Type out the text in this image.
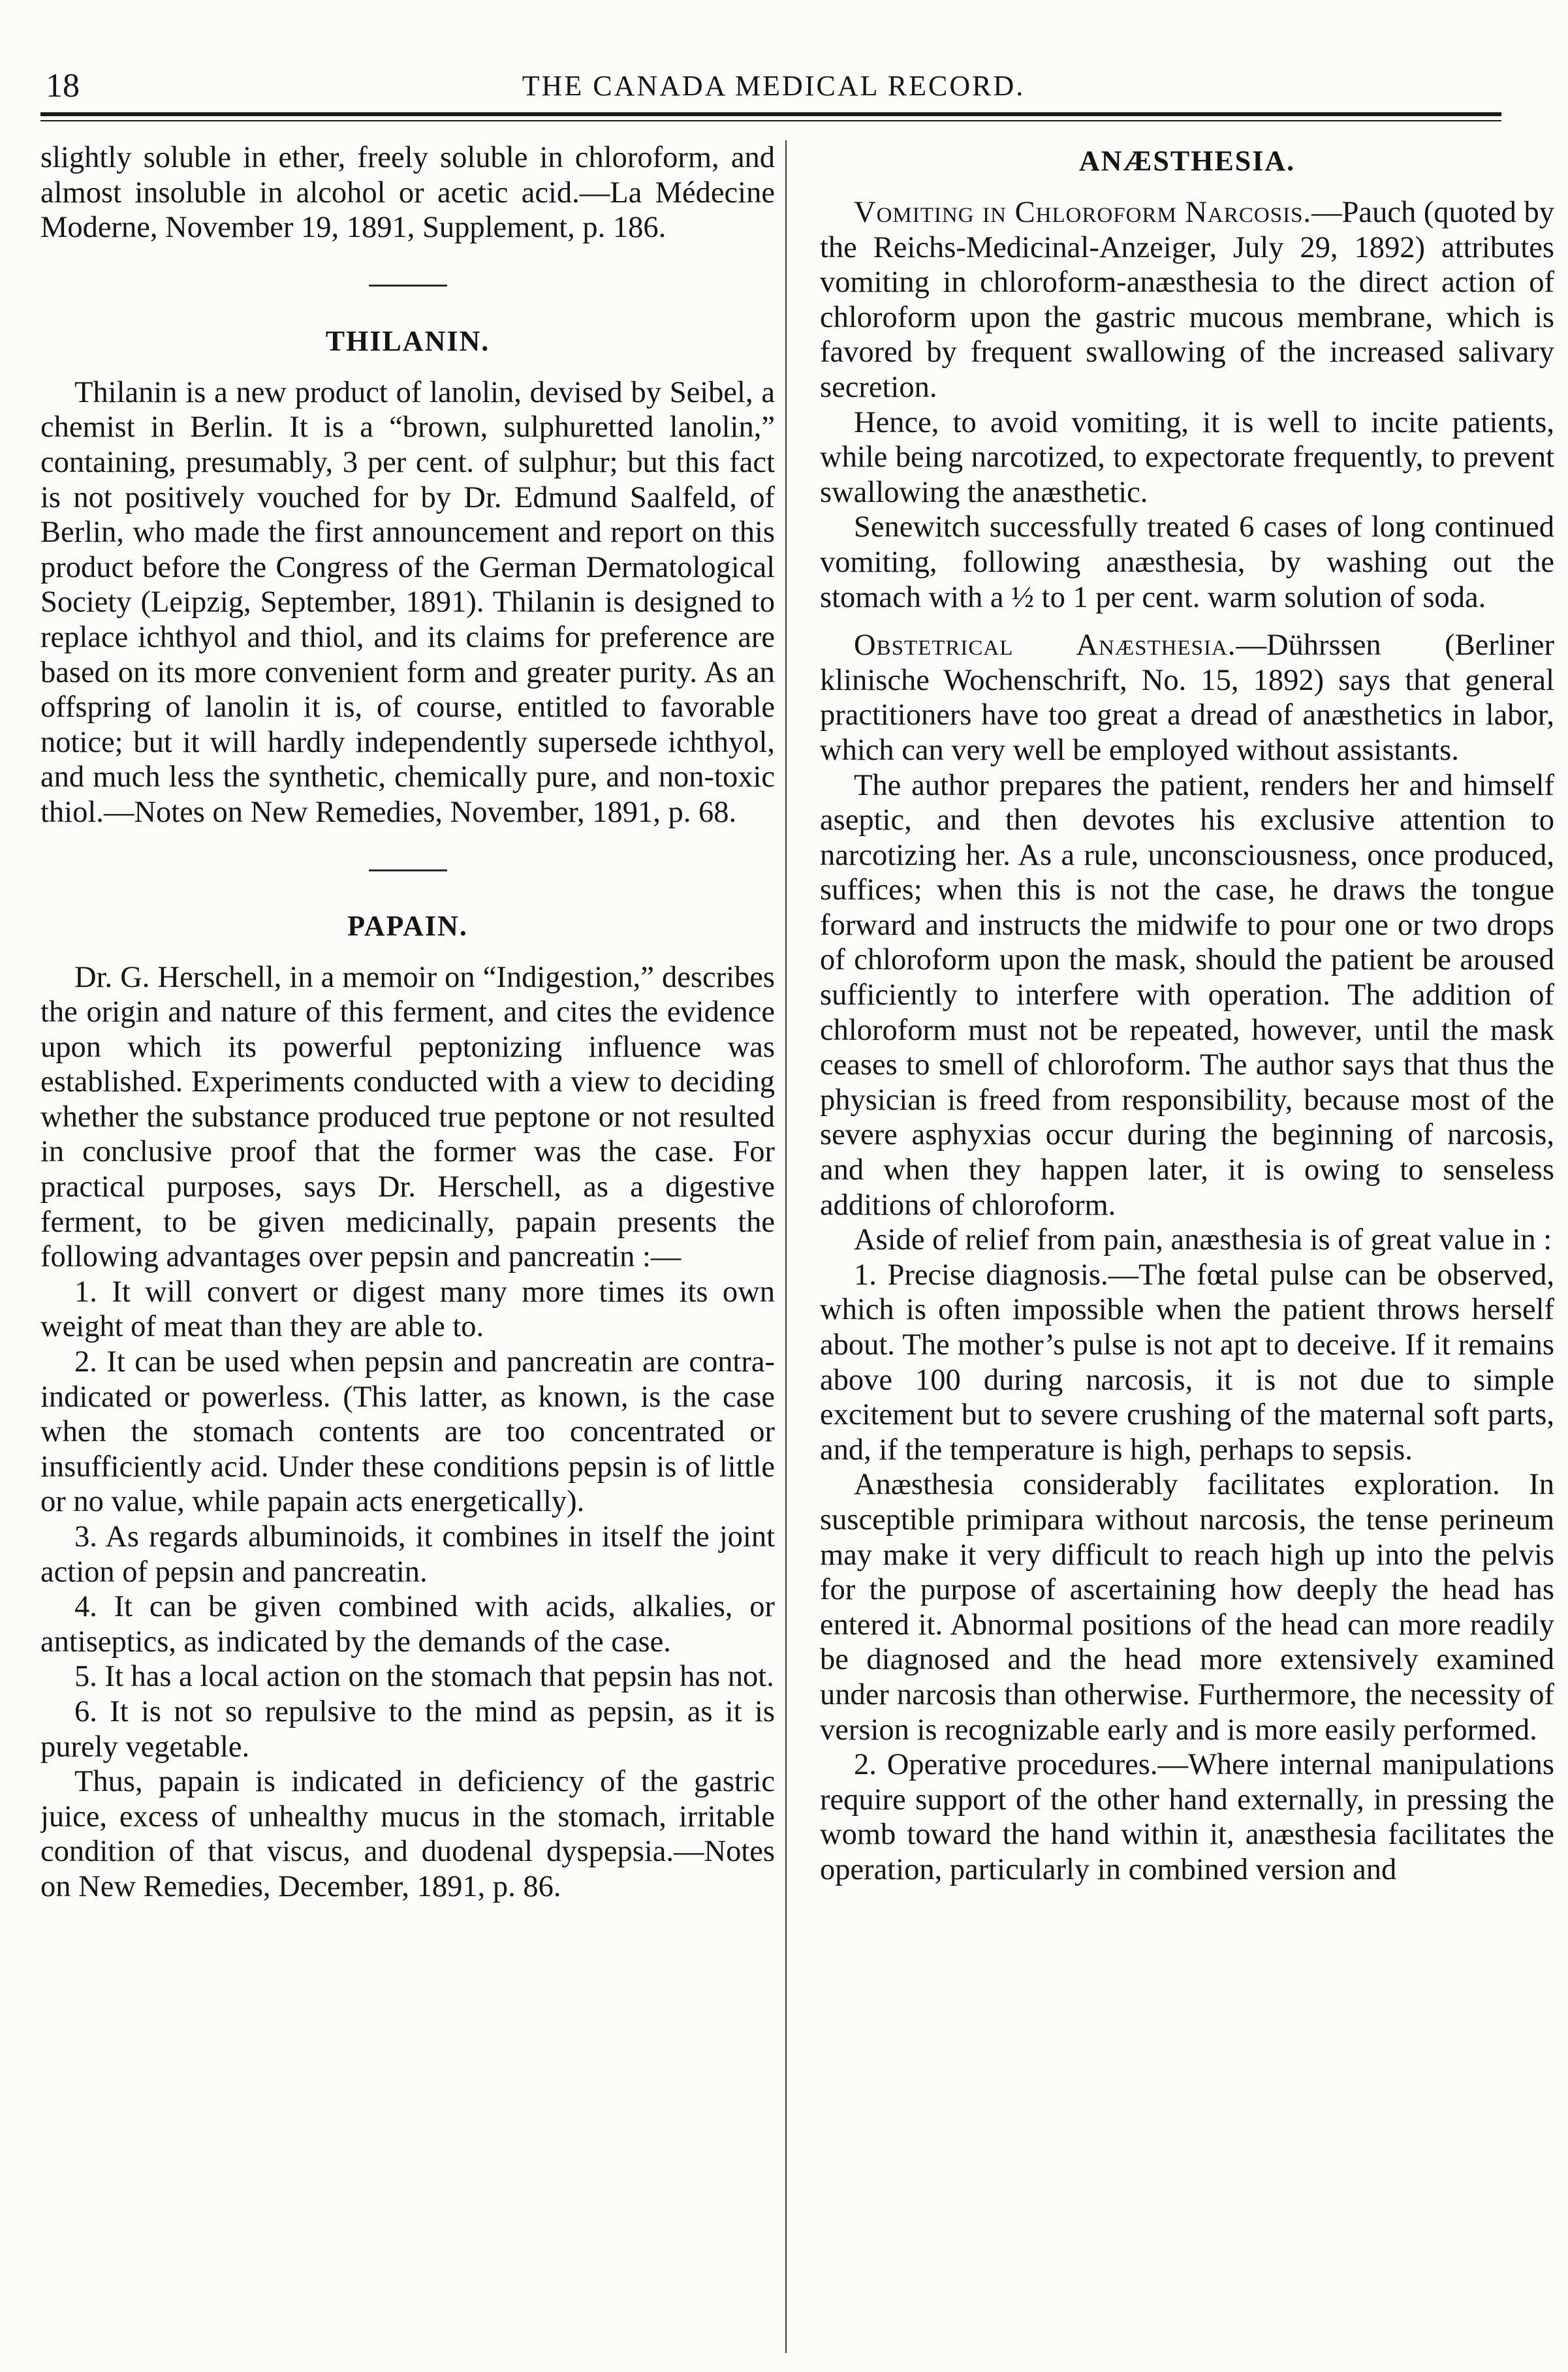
18	THE CANADA MEDICAL RECORD.

slightly soluble in ether, freely soluble in chloroform, and almost insoluble in alcohol or acetic acid.—La Médecine Moderne, November 19, 1891, Supplement, p. 186.

THILANIN.

Thilanin is a new product of lanolin, devised by Seibel, a chemist in Berlin. It is a “brown, sulphuretted lanolin,” containing, presumably, 3 per cent. of sulphur; but this fact is not positively vouched for by Dr. Edmund Saalfeld, of Berlin, who made the first announcement and report on this product before the Congress of the German Dermatological Society (Leipzig, September, 1891). Thilanin is designed to replace ichthyol and thiol, and its claims for preference are based on its more convenient form and greater purity. As an offspring of lanolin it is, of course, entitled to favorable notice; but it will hardly independently supersede ichthyol, and much less the synthetic, chemically pure, and non-toxic thiol.—Notes on New Remedies, November, 1891, p. 68.

PAPAIN.

Dr. G. Herschell, in a memoir on “Indigestion,” describes the origin and nature of this ferment, and cites the evidence upon which its powerful peptonizing influence was established. Experiments conducted with a view to deciding whether the substance produced true peptone or not resulted in conclusive proof that the former was the case. For practical purposes, says Dr. Herschell, as a digestive ferment, to be given medicinally, papain presents the following advantages over pepsin and pancreatin :—

1. It will convert or digest many more times its own weight of meat than they are able to.

2. It can be used when pepsin and pancreatin are contra-indicated or powerless. (This latter, as known, is the case when the stomach contents are too concentrated or insufficiently acid. Under these conditions pepsin is of little or no value, while papain acts energetically).

3. As regards albuminoids, it combines in itself the joint action of pepsin and pancreatin.

4. It can be given combined with acids, alkalies, or antiseptics, as indicated by the demands of the case.

5. It has a local action on the stomach that pepsin has not.

6. It is not so repulsive to the mind as pepsin, as it is purely vegetable.

Thus, papain is indicated in deficiency of the gastric juice, excess of unhealthy mucus in the stomach, irritable condition of that viscus, and duodenal dyspepsia.—Notes on New Remedies, December, 1891, p. 86.

ANÆSTHESIA.

Vomiting in Chloroform Narcosis.—Pauch (quoted by the Reichs-Medicinal-Anzeiger, July 29, 1892) attributes vomiting in chloroform-anæsthesia to the direct action of chloroform upon the gastric mucous membrane, which is favored by frequent swallowing of the increased salivary secretion.

Hence, to avoid vomiting, it is well to incite patients, while being narcotized, to expectorate frequently, to prevent swallowing the anæsthetic.

Senewitch successfully treated 6 cases of long continued vomiting, following anæsthesia, by washing out the stomach with a ½ to 1 per cent. warm solution of soda.

Obstetrical Anæsthesia.—Dührssen (Berliner klinische Wochenschrift, No. 15, 1892) says that general practitioners have too great a dread of anæsthetics in labor, which can very well be employed without assistants.

The author prepares the patient, renders her and himself aseptic, and then devotes his exclusive attention to narcotizing her. As a rule, unconsciousness, once produced, suffices; when this is not the case, he draws the tongue forward and instructs the midwife to pour one or two drops of chloroform upon the mask, should the patient be aroused sufficiently to interfere with operation. The addition of chloroform must not be repeated, however, until the mask ceases to smell of chloroform. The author says that thus the physician is freed from responsibility, because most of the severe asphyxias occur during the beginning of narcosis, and when they happen later, it is owing to senseless additions of chloroform.

Aside of relief from pain, anæsthesia is of great value in :

1. Precise diagnosis.—The fœtal pulse can be observed, which is often impossible when the patient throws herself about. The mother’s pulse is not apt to deceive. If it remains above 100 during narcosis, it is not due to simple excitement but to severe crushing of the maternal soft parts, and, if the temperature is high, perhaps to sepsis.

Anæsthesia considerably facilitates exploration. In susceptible primipara without narcosis, the tense perineum may make it very difficult to reach high up into the pelvis for the purpose of ascertaining how deeply the head has entered it. Abnormal positions of the head can more readily be diagnosed and the head more extensively examined under narcosis than otherwise. Furthermore, the necessity of version is recognizable early and is more easily performed.

2. Operative procedures.—Where internal manipulations require support of the other hand externally, in pressing the womb toward the hand within it, anæsthesia facilitates the operation, particularly in combined version and
